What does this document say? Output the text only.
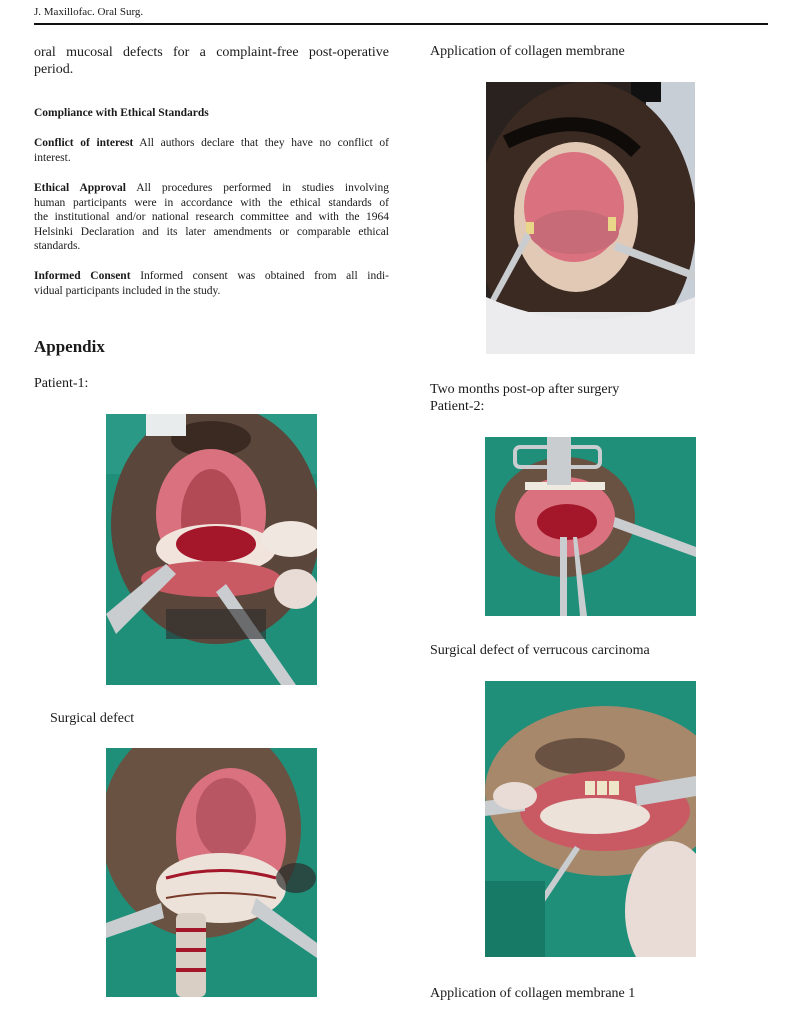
J. Maxillofac. Oral Surg.
oral mucosal defects for a complaint-free post-operative
period.
Compliance with Ethical Standards
Conflict of interest All authors declare that they have no conflict of
interest.
Ethical Approval All procedures performed in studies involving
human participants were in accordance with the ethical standards of
the institutional and/or national research committee and with the 1964
Helsinki Declaration and its later amendments or comparable ethical
standards.
Informed Consent Informed consent was obtained from all indi-
vidual participants included in the study.
Appendix
Patient-1:
Surgical defect
Application of collagen membrane
Two months post-op after surgery
Patient-2:
Surgical defect of verrucous carcinoma
Application of collagen membrane 1
